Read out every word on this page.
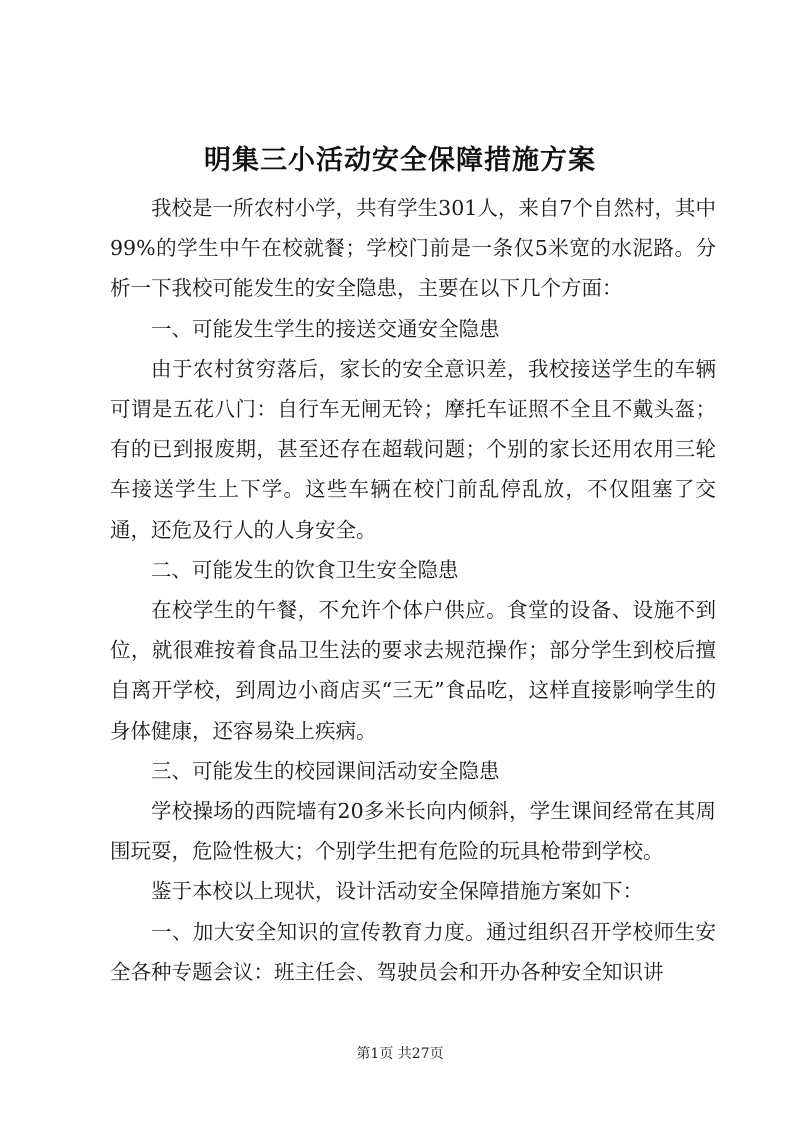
明集三小活动安全保障措施方案

我校是一所农村小学，共有学生301人，来自7个自然村，其中99%的学生中午在校就餐；学校门前是一条仅5米宽的水泥路。分析一下我校可能发生的安全隐患，主要在以下几个方面：

一、可能发生学生的接送交通安全隐患

由于农村贫穷落后，家长的安全意识差，我校接送学生的车辆可谓是五花八门：自行车无闸无铃；摩托车证照不全且不戴头盔；有的已到报废期，甚至还存在超载问题；个别的家长还用农用三轮车接送学生上下学。这些车辆在校门前乱停乱放，不仅阻塞了交通，还危及行人的人身安全。

二、可能发生的饮食卫生安全隐患

在校学生的午餐，不允许个体户供应。食堂的设备、设施不到位，就很难按着食品卫生法的要求去规范操作；部分学生到校后擅自离开学校，到周边小商店买“三无”食品吃，这样直接影响学生的身体健康，还容易染上疾病。

三、可能发生的校园课间活动安全隐患

学校操场的西院墙有20多米长向内倾斜，学生课间经常在其周围玩耍，危险性极大；个别学生把有危险的玩具枪带到学校。

鉴于本校以上现状，设计活动安全保障措施方案如下：

一、加大安全知识的宣传教育力度。通过组织召开学校师生安全各种专题会议：班主任会、驾驶员会和开办各种安全知识讲

第1页 共27页
